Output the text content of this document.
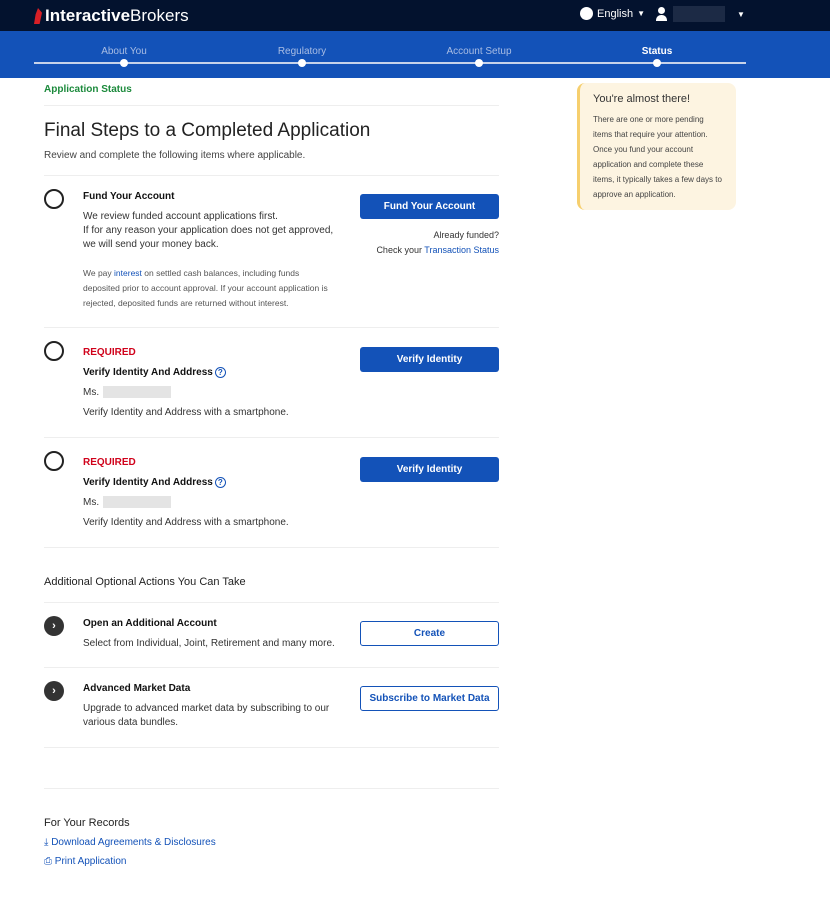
Interactive Brokers	English ▼	▼
About You	Regulatory	Account Setup	Status
Application Status
Final Steps to a Completed Application
Review and complete the following items where applicable.
Fund Your Account
We review funded account applications first.
If for any reason your application does not get approved, we will send your money back.
We pay interest on settled cash balances, including funds deposited prior to account approval. If your account application is rejected, deposited funds are returned without interest.
Fund Your Account
Already funded?
Check your Transaction Status
REQUIRED
Verify Identity And Address ?
Ms.
Verify Identity and Address with a smartphone.
Verify Identity
REQUIRED
Verify Identity And Address ?
Ms.
Verify Identity and Address with a smartphone.
Verify Identity
Additional Optional Actions You Can Take
›	Open an Additional Account
Select from Individual, Joint, Retirement and many more.
Create
›	Advanced Market Data
Upgrade to advanced market data by subscribing to our various data bundles.
Subscribe to Market Data
For Your Records
⤓ Download Agreements & Disclosures
⎙ Print Application
You're almost there!

There are one or more pending items that require your attention. Once you fund your account application and complete these items, it typically takes a few days to approve an application.
